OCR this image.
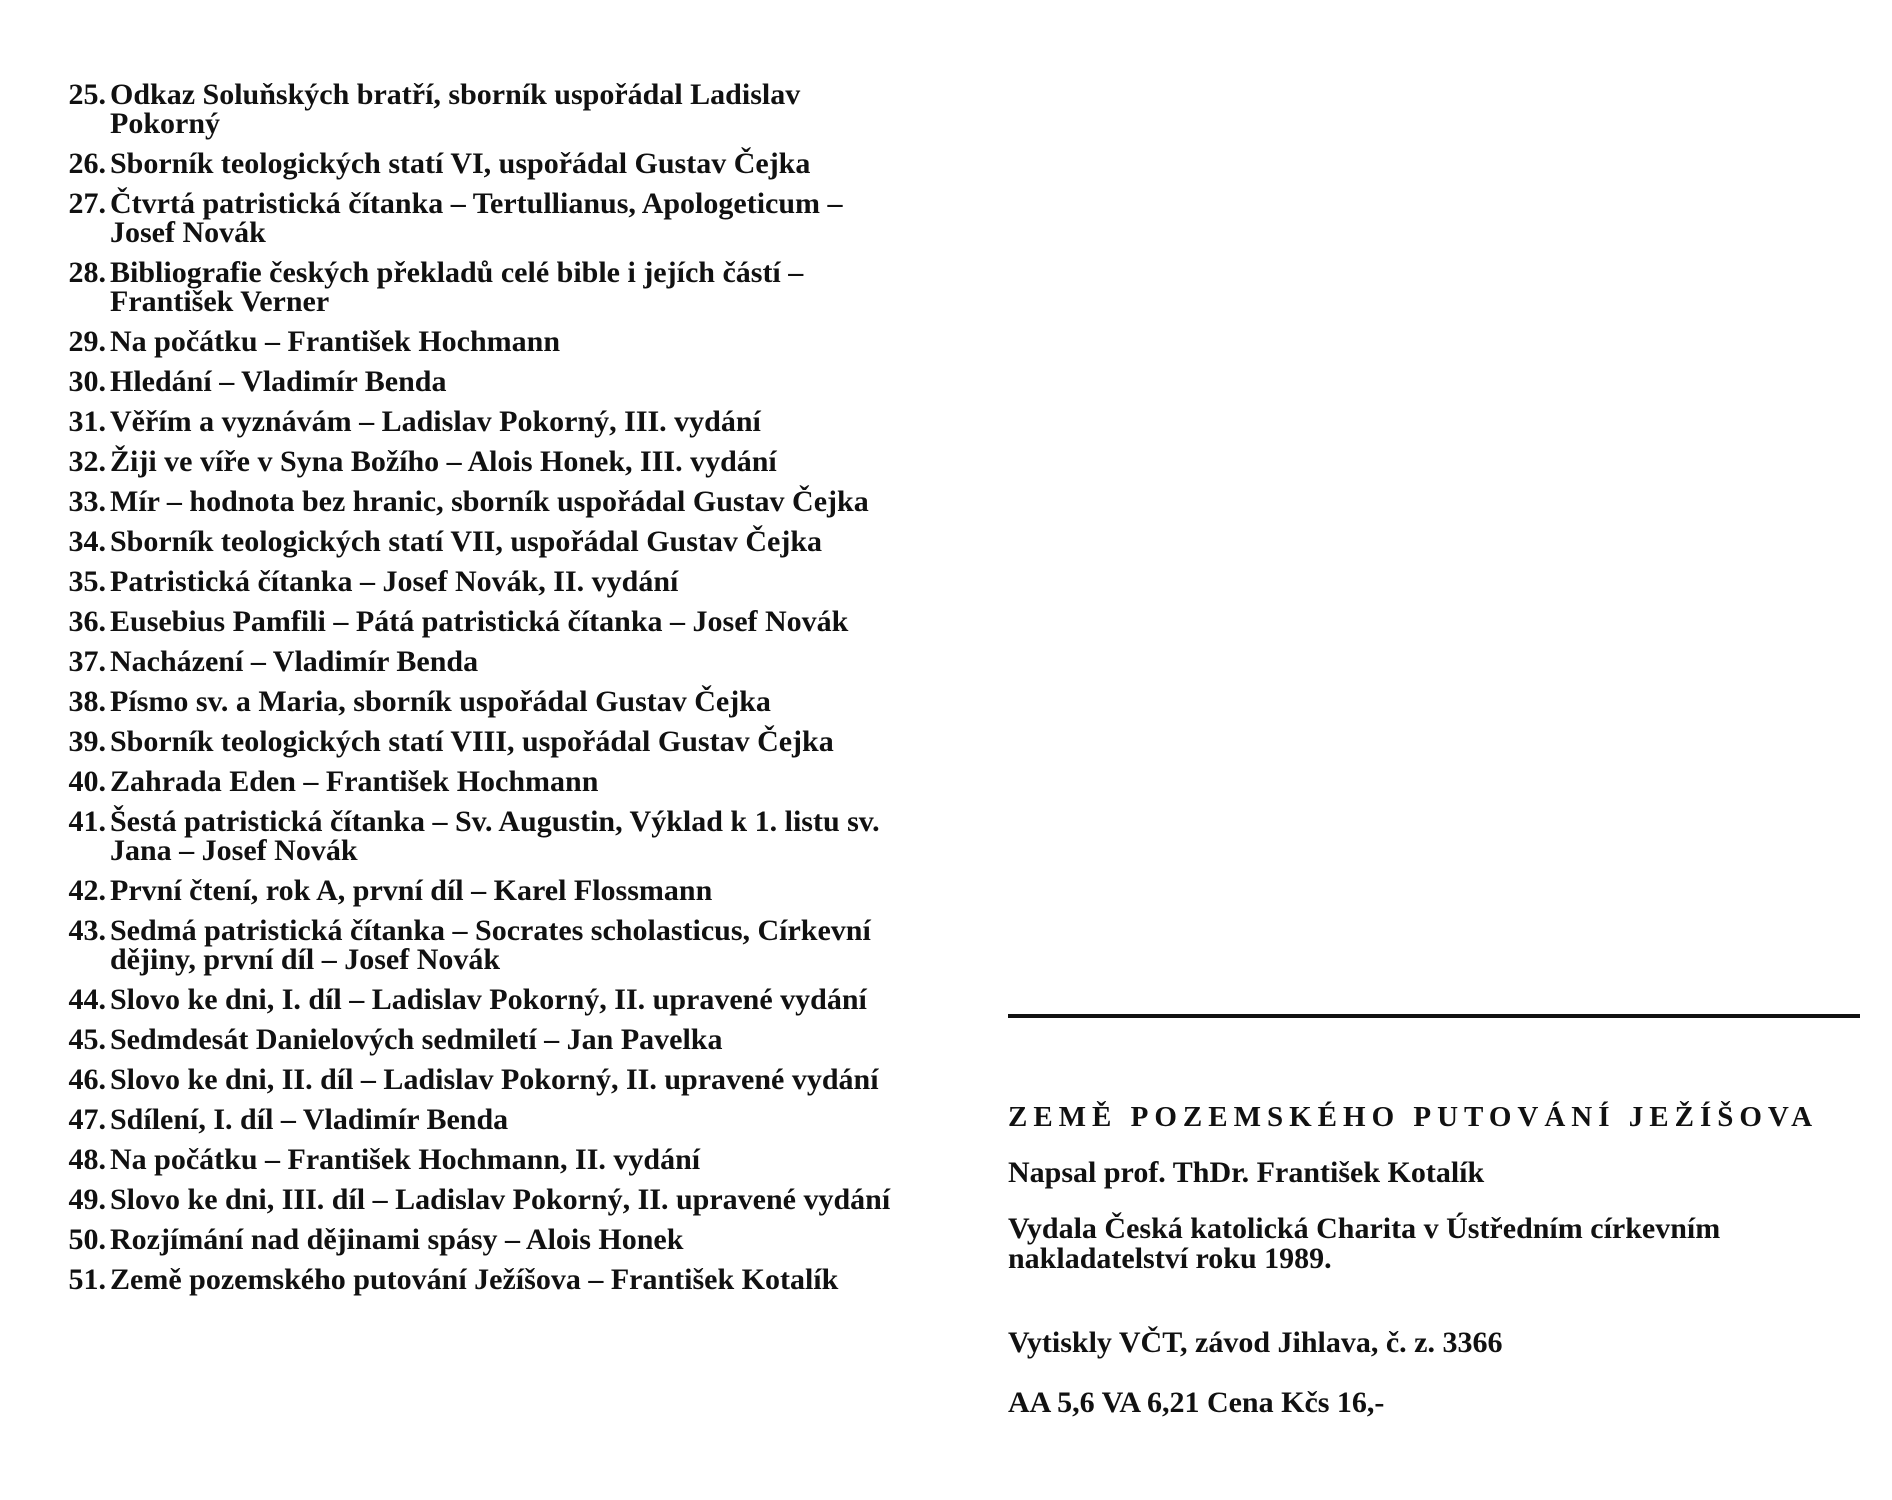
25. Odkaz Soluňských bratří, sborník uspořádal Ladislav Pokorný
26. Sborník teologických statí VI, uspořádal Gustav Čejka
27. Čtvrtá patristická čítanka – Tertullianus, Apologeticum – Josef Novák
28. Bibliografie českých překladů celé bible i jejích částí – František Verner
29. Na počátku – František Hochmann
30. Hledání – Vladimír Benda
31. Věřím a vyznávám – Ladislav Pokorný, III. vydání
32. Žiji ve víře v Syna Božího – Alois Honek, III. vydání
33. Mír – hodnota bez hranic, sborník uspořádal Gustav Čejka
34. Sborník teologických statí VII, uspořádal Gustav Čejka
35. Patristická čítanka – Josef Novák, II. vydání
36. Eusebius Pamfili – Pátá patristická čítanka – Josef Novák
37. Nacházení – Vladimír Benda
38. Písmo sv. a Maria, sborník uspořádal Gustav Čejka
39. Sborník teologických statí VIII, uspořádal Gustav Čejka
40. Zahrada Eden – František Hochmann
41. Šestá patristická čítanka – Sv. Augustin, Výklad k 1. listu sv. Jana – Josef Novák
42. První čtení, rok A, první díl – Karel Flossmann
43. Sedmá patristická čítanka – Socrates scholasticus, Církevní dějiny, první díl – Josef Novák
44. Slovo ke dni, I. díl – Ladislav Pokorný, II. upravené vydání
45. Sedmdesát Danielových sedmiletí – Jan Pavelka
46. Slovo ke dni, II. díl – Ladislav Pokorný, II. upravené vydání
47. Sdílení, I. díl – Vladimír Benda
48. Na počátku – František Hochmann, II. vydání
49. Slovo ke dni, III. díl – Ladislav Pokorný, II. upravené vydání
50. Rozjímání nad dějinami spásy – Alois Honek
51. Země pozemského putování Ježíšova – František Kotalík
ZEMĚ POZEMSKÉHO PUTOVÁNÍ JEŽÍŠOVA

Napsal prof. ThDr. František Kotalík

Vydala Česká katolická Charita v Ústředním církevním nakladatelství roku 1989.

Vytiskly VČT, závod Jihlava, č. z. 3366

AA 5,6 VA 6,21 Cena Kčs 16,-
